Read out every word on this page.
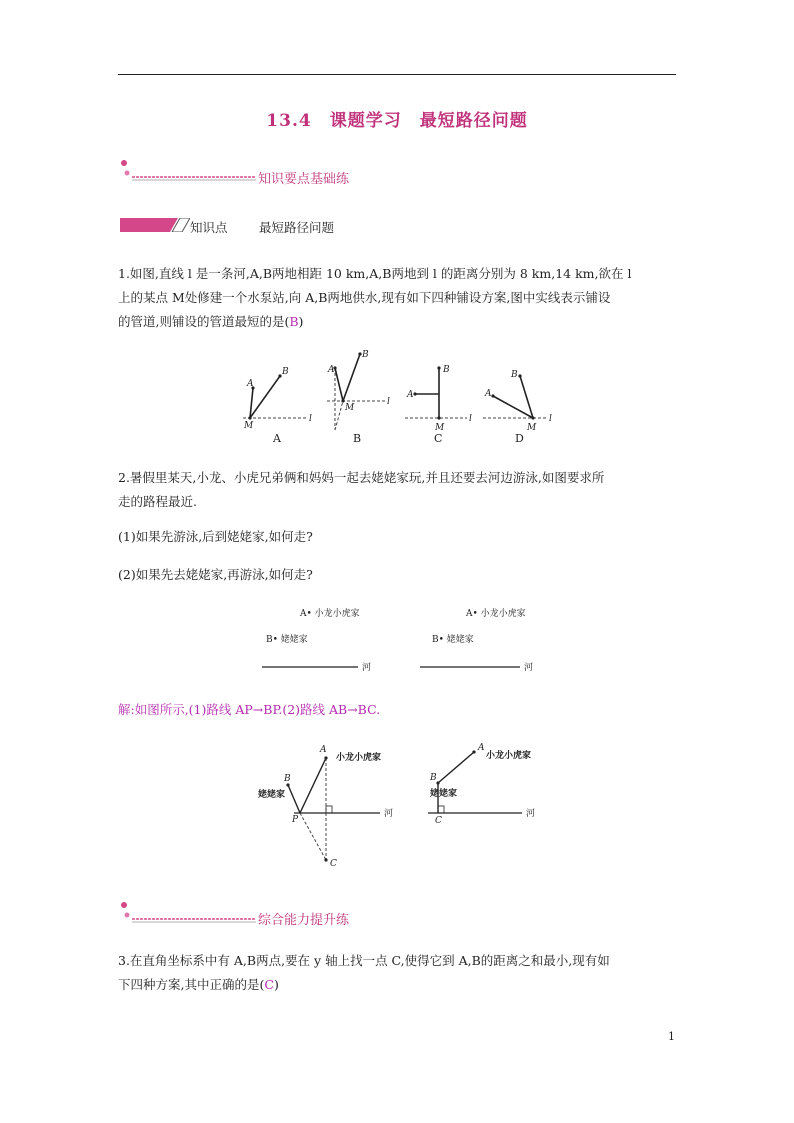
13.4　课题学习　最短路径问题
知识要点基础练
知识点	最短路径问题
1.如图,直线 l 是一条河,A,B两地相距 10 km,A,B两地到 l 的距离分别为 8 km,14 km,欲在 l
上的某点 M处修建一个水泵站,向 A,B两地供水,现有如下四种铺设方案,图中实线表示铺设
的管道,则铺设的管道最短的是(B)
A
B
M
l
A
A
B
M
l
B
B
A
M
l
C
A
B
M
l
D
2.暑假里某天,小龙、小虎兄弟俩和妈妈一起去姥姥家玩,并且还要去河边游泳,如图要求所
走的路程最近.
(1)如果先游泳,后到姥姥家,如何走?
(2)如果先去姥姥家,再游泳,如何走?
A• 小龙小虎家
B• 姥姥家
河
A• 小龙小虎家
B• 姥姥家
河
解:如图所示,(1)路线 AP→BP.(2)路线 AB→BC.
河
A
小龙小虎家
B
姥姥家
P
C
河
A
小龙小虎家
B
姥姥家
C
综合能力提升练
3.在直角坐标系中有 A,B两点,要在 y 轴上找一点 C,使得它到 A,B的距离之和最小,现有如
下四种方案,其中正确的是(C)
1
